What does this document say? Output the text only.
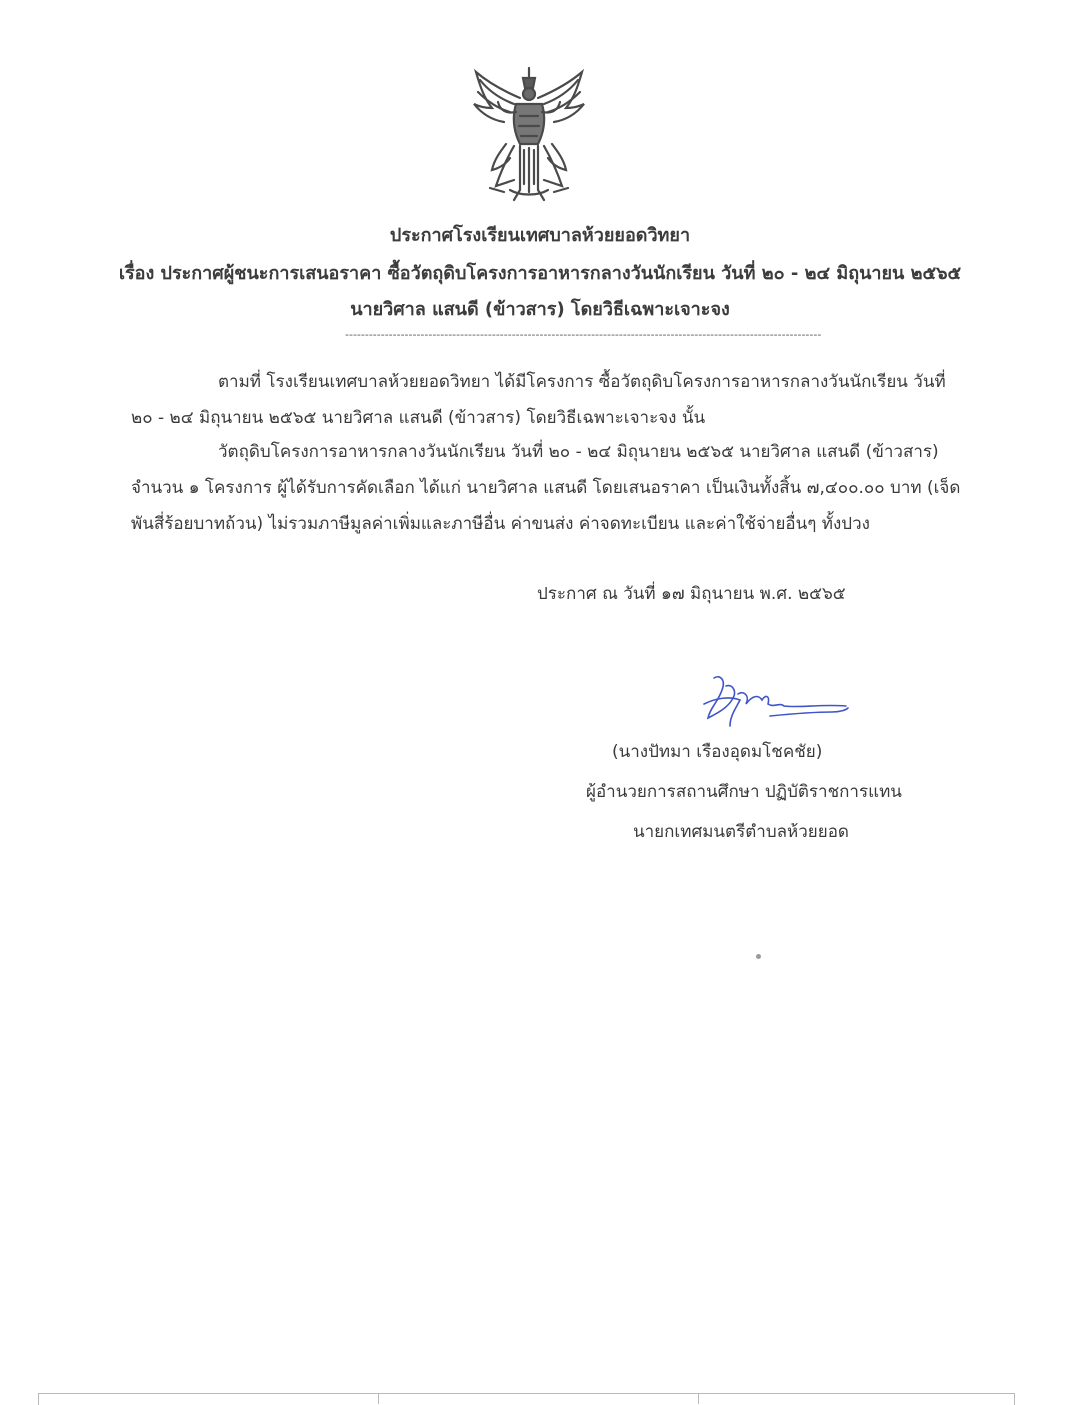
ประกาศโรงเรียนเทศบาลห้วยยอดวิทยา
เรื่อง ประกาศผู้ชนะการเสนอราคา ซื้อวัตถุดิบโครงการอาหารกลางวันนักเรียน วันที่ ๒๐ - ๒๔ มิถุนายน ๒๕๖๕
นายวิศาล แสนดี (ข้าวสาร) โดยวิธีเฉพาะเจาะจง
------------------------------------------------------------------------------------------------------------------------
ตามที่ โรงเรียนเทศบาลห้วยยอดวิทยา ได้มีโครงการ ซื้อวัตถุดิบโครงการอาหารกลางวันนักเรียน วันที่
๒๐ - ๒๔ มิถุนายน ๒๕๖๕ นายวิศาล แสนดี (ข้าวสาร) โดยวิธีเฉพาะเจาะจง นั้น
วัตถุดิบโครงการอาหารกลางวันนักเรียน วันที่ ๒๐ - ๒๔ มิถุนายน ๒๕๖๕ นายวิศาล แสนดี (ข้าวสาร)
จำนวน ๑ โครงการ ผู้ได้รับการคัดเลือก ได้แก่ นายวิศาล แสนดี โดยเสนอราคา เป็นเงินทั้งสิ้น ๗,๔๐๐.๐๐ บาท (เจ็ด
พันสี่ร้อยบาทถ้วน) ไม่รวมภาษีมูลค่าเพิ่มและภาษีอื่น ค่าขนส่ง ค่าจดทะเบียน และค่าใช้จ่ายอื่นๆ ทั้งปวง
ประกาศ ณ วันที่ ๑๗ มิถุนายน พ.ศ. ๒๕๖๕
(นางปัทมา เรืองอุดมโชคชัย)
ผู้อำนวยการสถานศึกษา ปฏิบัติราชการแทน
นายกเทศมนตรีตำบลห้วยยอด
